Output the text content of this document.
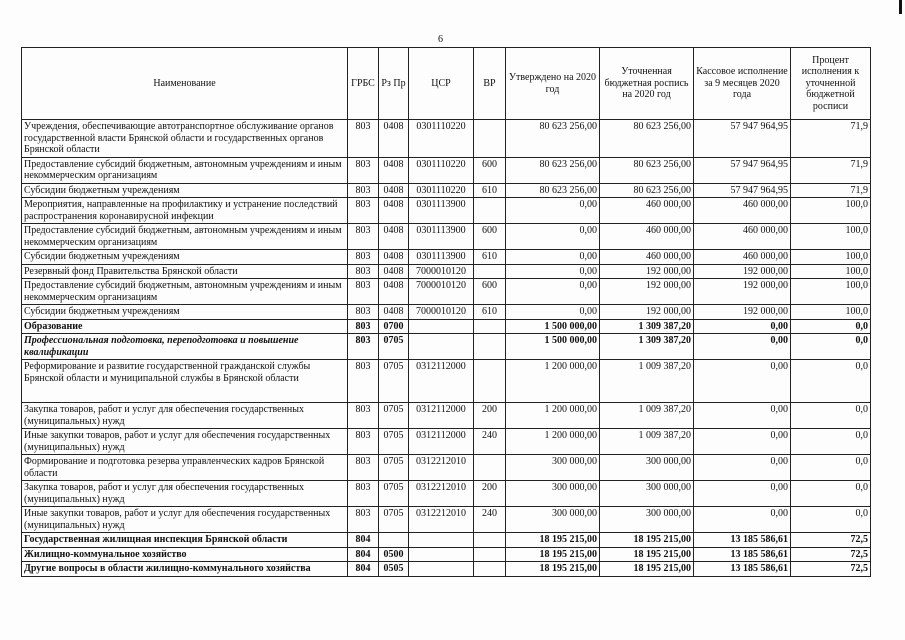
6
Наименование	ГРБС	Рз Пр	ЦСР	ВР	Утверждено на 2020 год	Уточненная бюджетная роспись на 2020 год	Кассовое исполнение за 9 месяцев 2020 года	Процент исполнения к уточненной бюджетной росписи
Учреждения, обеспечивающие автотранспортное обслуживание органов государственной власти Брянской области и государственных органов Брянской области	803	0408	0301110220		80 623 256,00	80 623 256,00	57 947 964,95	71,9
Предоставление субсидий бюджетным, автономным учреждениям и иным некоммерческим организациям	803	0408	0301110220	600	80 623 256,00	80 623 256,00	57 947 964,95	71,9
Субсидии бюджетным учреждениям	803	0408	0301110220	610	80 623 256,00	80 623 256,00	57 947 964,95	71,9
Мероприятия, направленные на профилактику и устранение последствий распространения коронавирусной инфекции	803	0408	0301113900		0,00	460 000,00	460 000,00	100,0
Предоставление субсидий бюджетным, автономным учреждениям и иным некоммерческим организациям	803	0408	0301113900	600	0,00	460 000,00	460 000,00	100,0
Субсидии бюджетным учреждениям	803	0408	0301113900	610	0,00	460 000,00	460 000,00	100,0
Резервный фонд Правительства Брянской области	803	0408	7000010120		0,00	192 000,00	192 000,00	100,0
Предоставление субсидий бюджетным, автономным учреждениям и иным некоммерческим организациям	803	0408	7000010120	600	0,00	192 000,00	192 000,00	100,0
Субсидии бюджетным учреждениям	803	0408	7000010120	610	0,00	192 000,00	192 000,00	100,0
Образование	803	0700			1 500 000,00	1 309 387,20	0,00	0,0
Профессиональная подготовка, переподготовка и повышение квалификации	803	0705			1 500 000,00	1 309 387,20	0,00	0,0
Реформирование и развитие государственной гражданской службы Брянской области и муниципальной службы в Брянской области	803	0705	0312112000		1 200 000,00	1 009 387,20	0,00	0,0
Закупка товаров, работ и услуг для обеспечения государственных (муниципальных) нужд	803	0705	0312112000	200	1 200 000,00	1 009 387,20	0,00	0,0
Иные закупки товаров, работ и услуг для обеспечения государственных (муниципальных) нужд	803	0705	0312112000	240	1 200 000,00	1 009 387,20	0,00	0,0
Формирование и подготовка резерва управленческих кадров Брянской области	803	0705	0312212010		300 000,00	300 000,00	0,00	0,0
Закупка товаров, работ и услуг для обеспечения государственных (муниципальных) нужд	803	0705	0312212010	200	300 000,00	300 000,00	0,00	0,0
Иные закупки товаров, работ и услуг для обеспечения государственных (муниципальных) нужд	803	0705	0312212010	240	300 000,00	300 000,00	0,00	0,0
Государственная жилищная инспекция Брянской области	804				18 195 215,00	18 195 215,00	13 185 586,61	72,5
Жилищно-коммунальное хозяйство	804	0500			18 195 215,00	18 195 215,00	13 185 586,61	72,5
Другие вопросы в области жилищно-коммунального хозяйства	804	0505			18 195 215,00	18 195 215,00	13 185 586,61	72,5
